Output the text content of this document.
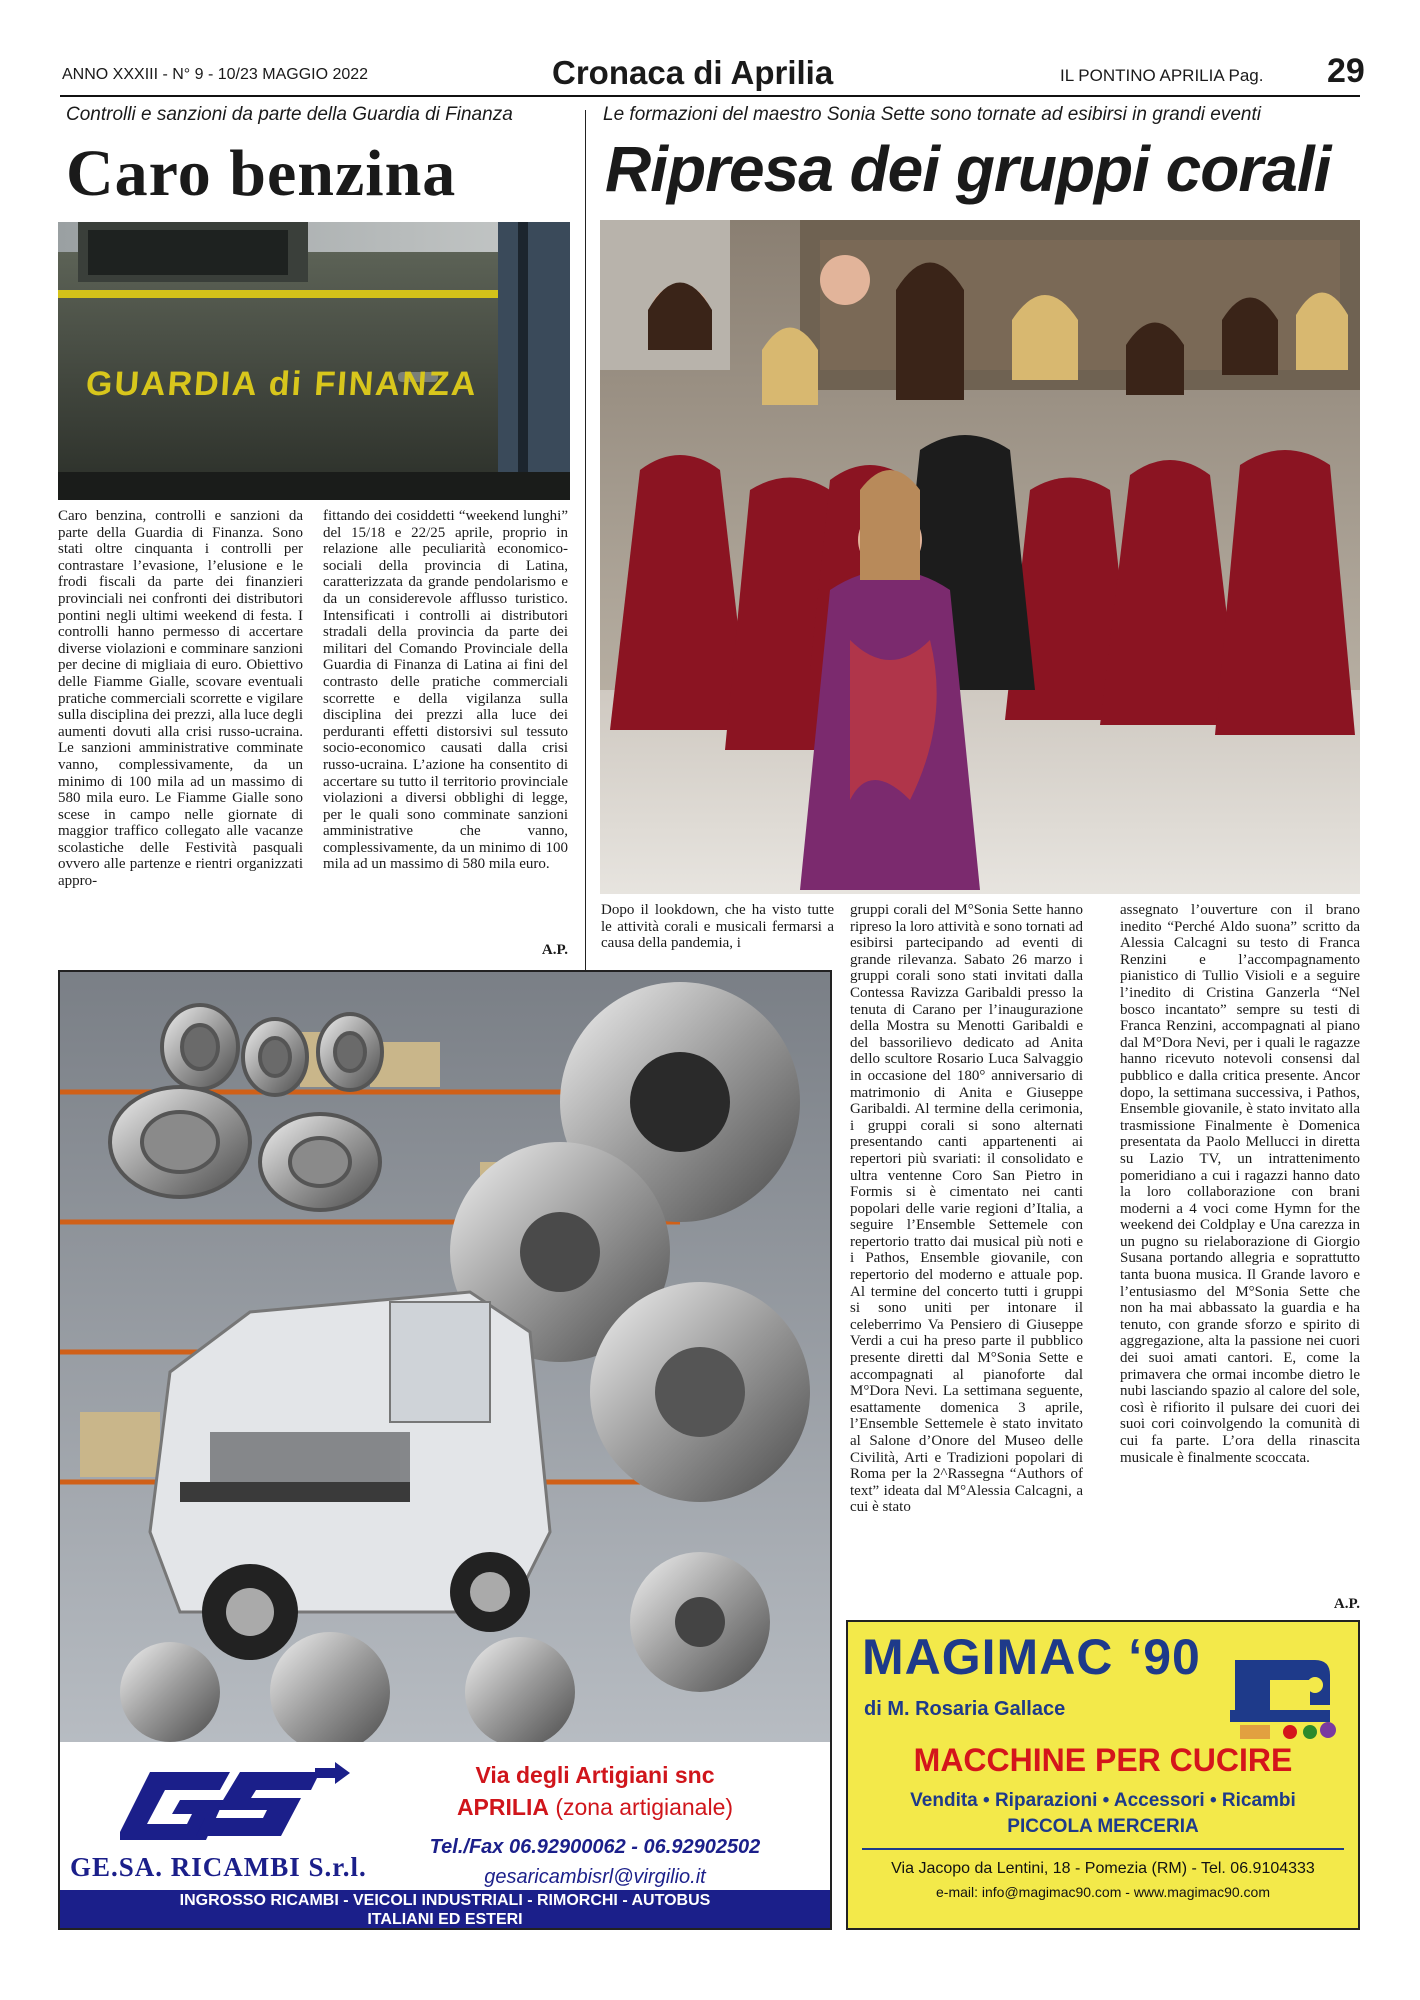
ANNO XXXIII - N° 9 - 10/23 MAGGIO 2022	Cronaca di Aprilia	IL PONTINO APRILIA Pag. 29
Controlli e sanzioni da parte della Guardia di Finanza
Caro benzina
GUARDIA di FINANZA
Caro benzina, controlli e sanzioni da parte della Guardia di Finanza. Sono stati oltre cinquanta i controlli per contrastare l’evasione, l’elusione e le frodi fiscali da parte dei finanzieri provinciali nei confronti dei distributori pontini negli ultimi weekend di festa. I controlli hanno permesso di accertare diverse violazioni e comminare sanzioni per decine di migliaia di euro. Obiettivo delle Fiamme Gialle, scovare eventuali pratiche commerciali scorrette e vigilare sulla disciplina dei prezzi, alla luce degli aumenti dovuti alla crisi russo-ucraina. Le sanzioni amministrative comminate vanno, complessivamente, da un minimo di 100 mila ad un massimo di 580 mila euro. Le Fiamme Gialle sono scese in campo nelle giornate di maggior traffico collegato alle vacanze scolastiche delle Festività pasquali ovvero alle partenze e rientri organizzati appro-
fittando dei cosiddetti “weekend lunghi” del 15/18 e 22/25 aprile, proprio in relazione alle peculiarità economico-sociali della provincia di Latina, caratterizzata da grande pendolarismo e da un considerevole afflusso turistico. Intensificati i controlli ai distributori stradali della provincia da parte dei militari del Comando Provinciale della Guardia di Finanza di Latina ai fini del contrasto delle pratiche commerciali scorrette e della vigilanza sulla disciplina dei prezzi alla luce dei perduranti effetti distorsivi sul tessuto socio-economico causati dalla crisi russo-ucraina. L’azione ha consentito di accertare su tutto il territorio provinciale violazioni a diversi obblighi di legge, per le quali sono comminate sanzioni amministrative che vanno, complessivamente, da un minimo di 100 mila ad un massimo di 580 mila euro.
A.P.
Le formazioni del maestro Sonia Sette sono tornate ad esibirsi in grandi eventi
Ripresa dei gruppi corali
Dopo il lookdown, che ha visto tutte le attività corali e musicali fermarsi a causa della pandemia, i
gruppi corali del M°Sonia Sette hanno ripreso la loro attività e sono tornati ad esibirsi partecipando ad eventi di grande rilevanza. Sabato 26 marzo i gruppi corali sono stati invitati dalla Contessa Ravizza Garibaldi presso la tenuta di Carano per l’inaugurazione della Mostra su Menotti Garibaldi e del bassorilievo dedicato ad Anita dello scultore Rosario Luca Salvaggio in occasione del 180° anniversario di matrimonio di Anita e Giuseppe Garibaldi. Al termine della cerimonia, i gruppi corali si sono alternati presentando canti appartenenti ai repertori più svariati: il consolidato e ultra ventenne Coro San Pietro in Formis si è cimentato nei canti popolari delle varie regioni d’Italia, a seguire l’Ensemble Settemele con repertorio tratto dai musical più noti e i Pathos, Ensemble giovanile, con repertorio del moderno e attuale pop. Al termine del concerto tutti i gruppi si sono uniti per intonare il celeberrimo Va Pensiero di Giuseppe Verdi a cui ha preso parte il pubblico presente diretti dal M°Sonia Sette e accompagnati al pianoforte dal M°Dora Nevi. La settimana seguente, esattamente domenica 3 aprile, l’Ensemble Settemele è stato invitato al Salone d’Onore del Museo delle Civilità, Arti e Tradizioni popolari di Roma per la 2^Rassegna “Authors of text” ideata dal M°Alessia Calcagni, a cui è stato
assegnato l’ouverture con il brano inedito “Perché Aldo suona” scritto da Alessia Calcagni su testo di Franca Renzini e l’accompagnamento pianistico di Tullio Visioli e a seguire l’inedito di Cristina Ganzerla “Nel bosco incantato” sempre su testi di Franca Renzini, accompagnati al piano dal M°Dora Nevi, per i quali le ragazze hanno ricevuto notevoli consensi dal pubblico e dalla critica presente. Ancor dopo, la settimana successiva, i Pathos, Ensemble giovanile, è stato invitato alla trasmissione Finalmente è Domenica presentata da Paolo Mellucci in diretta su Lazio TV, un intrattenimento pomeridiano a cui i ragazzi hanno dato la loro collaborazione con brani moderni a 4 voci come Hymn for the weekend dei Coldplay e Una carezza in un pugno su rielaborazione di Giorgio Susana portando allegria e soprattutto tanta buona musica. Il Grande lavoro e l’entusiasmo del M°Sonia Sette che non ha mai abbassato la guardia e ha tenuto, con grande sforzo e spirito di aggregazione, alta la passione nei cuori dei suoi amati cantori. E, come la primavera che ormai incombe dietro le nubi lasciando spazio al calore del sole, così è rifiorito il pulsare dei cuori dei suoi cori coinvolgendo la comunità di cui fa parte. L’ora della rinascita musicale è finalmente scoccata.
A.P.
GE.SA. RICAMBI S.r.l.
Via degli Artigiani snc
APRILIA (zona artigianale)
Tel./Fax 06.92900062 - 06.92902502
gesaricambisrl@virgilio.it
INGROSSO RICAMBI - VEICOLI INDUSTRIALI - RIMORCHI - AUTOBUS
ITALIANI ED ESTERI
MAGIMAC ‘90
di M. Rosaria Gallace
MACCHINE PER CUCIRE
Vendita • Riparazioni • Accessori • Ricambi
PICCOLA MERCERIA
Via Jacopo da Lentini, 18 - Pomezia (RM) - Tel. 06.9104333
e-mail: info@magimac90.com - www.magimac90.com
